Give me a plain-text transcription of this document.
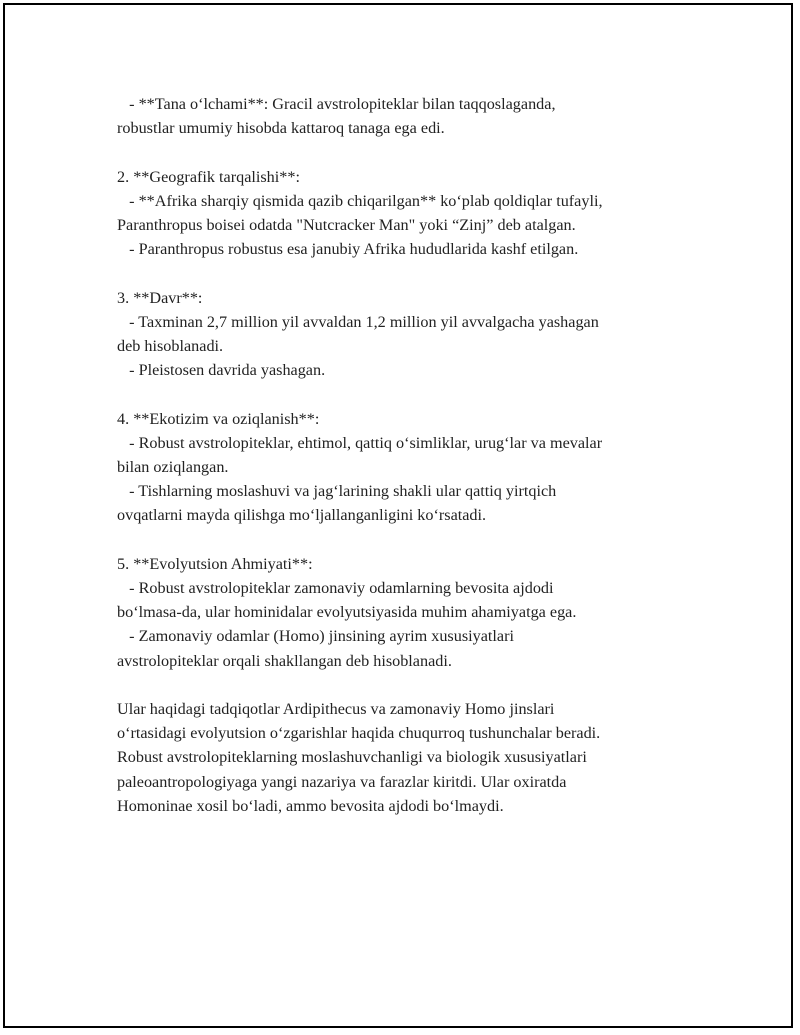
- **Tana o‘lchami**: Gracil avstrolopiteklar bilan taqqoslaganda,
robustlar umumiy hisobda kattaroq tanaga ega edi.
2. **Geografik tarqalishi**:
- **Afrika sharqiy qismida qazib chiqarilgan** ko‘plab qoldiqlar tufayli,
Paranthropus boisei odatda "Nutcracker Man" yoki “Zinj” deb atalgan.
- Paranthropus robustus esa janubiy Afrika hududlarida kashf etilgan.
3. **Davr**:
- Taxminan 2,7 million yil avvaldan 1,2 million yil avvalgacha yashagan
deb hisoblanadi.
- Pleistosen davrida yashagan.
4. **Ekotizim va oziqlanish**:
- Robust avstrolopiteklar, ehtimol, qattiq o‘simliklar, urug‘lar va mevalar
bilan oziqlangan.
- Tishlarning moslashuvi va jag‘larining shakli ular qattiq yirtqich
ovqatlarni mayda qilishga mo‘ljallanganligini ko‘rsatadi.
5. **Evolyutsion Ahmiyati**:
- Robust avstrolopiteklar zamonaviy odamlarning bevosita ajdodi
bo‘lmasa-da, ular hominidalar evolyutsiyasida muhim ahamiyatga ega.
- Zamonaviy odamlar (Homo) jinsining ayrim xususiyatlari
avstrolopiteklar orqali shakllangan deb hisoblanadi.
Ular haqidagi tadqiqotlar Ardipithecus va zamonaviy Homo jinslari
o‘rtasidagi evolyutsion o‘zgarishlar haqida chuqurroq tushunchalar beradi.
Robust avstrolopiteklarning moslashuvchanligi va biologik xususiyatlari
paleoantropologiyaga yangi nazariya va farazlar kiritdi. Ular oxiratda
Homoninae xosil bo‘ladi, ammo bevosita ajdodi bo‘lmaydi.
